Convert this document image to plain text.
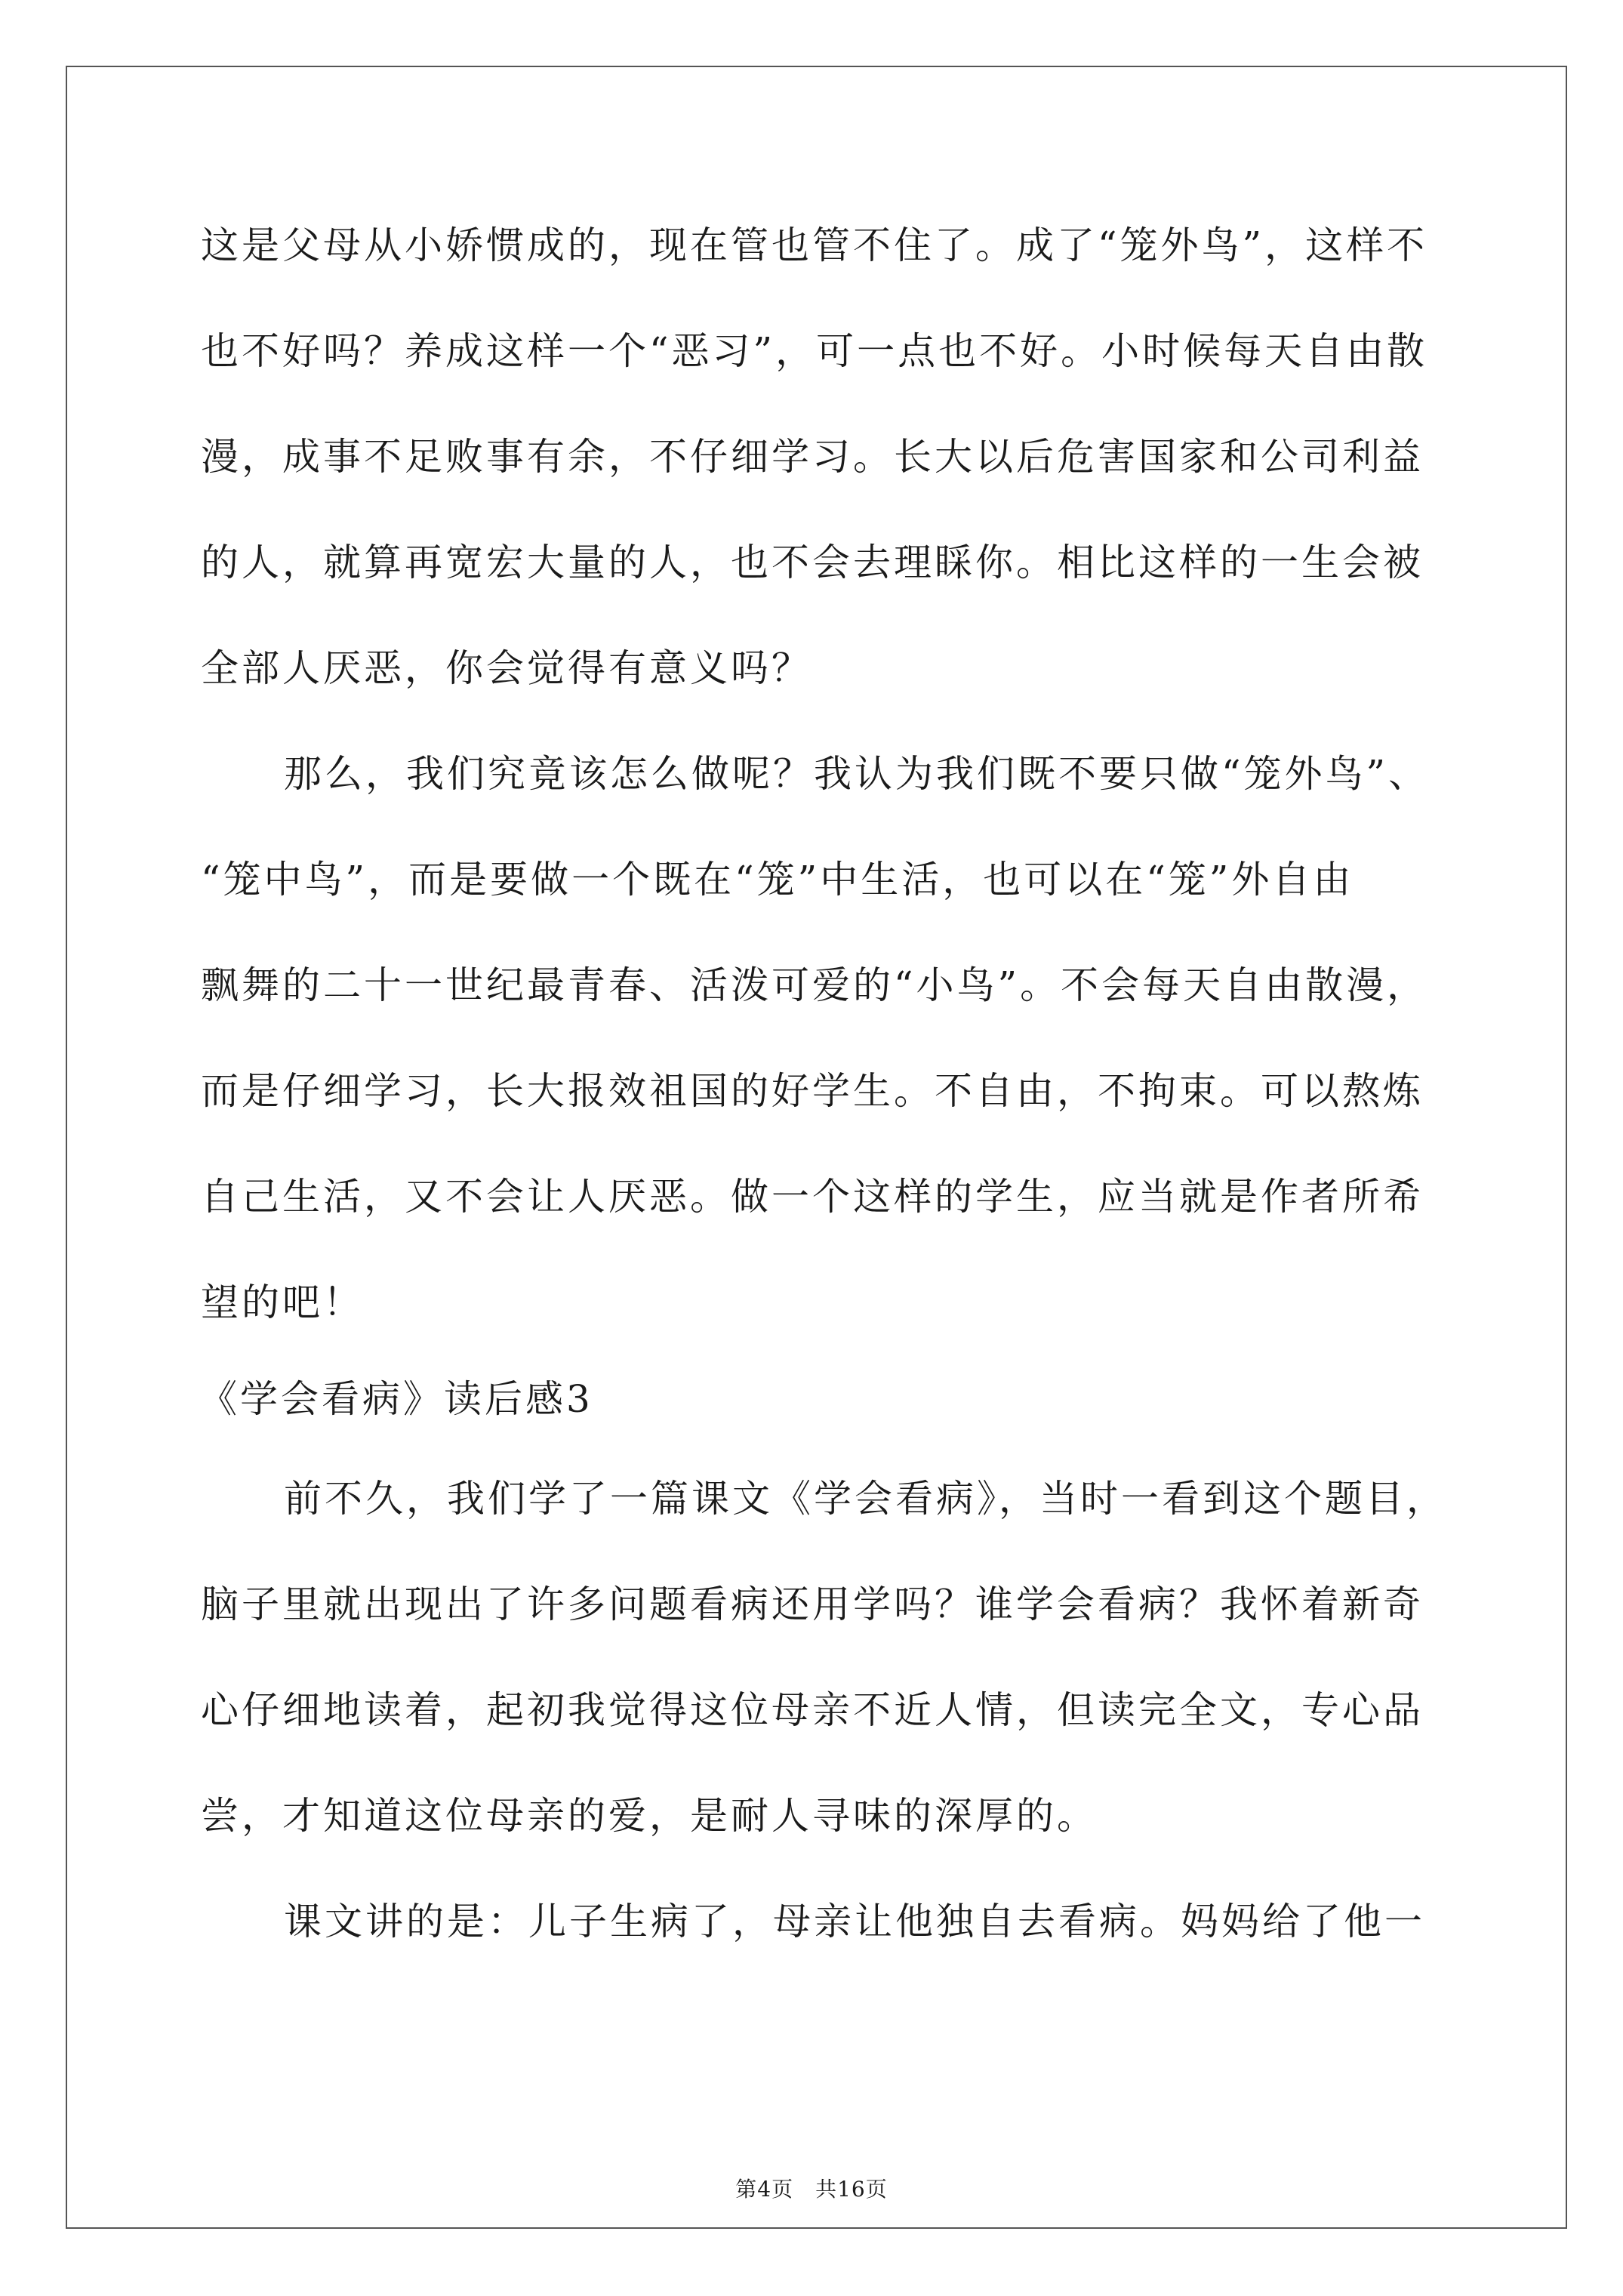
这是父母从小娇惯成的，现在管也管不住了。成了“笼外鸟”，这样不
也不好吗？养成这样一个“恶习”，可一点也不好。小时候每天自由散
漫，成事不足败事有余，不仔细学习。长大以后危害国家和公司利益
的人，就算再宽宏大量的人，也不会去理睬你。相比这样的一生会被
全部人厌恶，你会觉得有意义吗？
那么，我们究竟该怎么做呢？我认为我们既不要只做“笼外鸟”、
“笼中鸟”，而是要做一个既在“笼”中生活，也可以在“笼”外自由
飘舞的二十一世纪最青春、活泼可爱的“小鸟”。不会每天自由散漫，
而是仔细学习，长大报效祖国的好学生。不自由，不拘束。可以熬炼
自己生活，又不会让人厌恶。做一个这样的学生，应当就是作者所希
望的吧！
《学会看病》读后感3
前不久，我们学了一篇课文《学会看病》，当时一看到这个题目，
脑子里就出现出了许多问题看病还用学吗？谁学会看病？我怀着新奇
心仔细地读着，起初我觉得这位母亲不近人情，但读完全文，专心品
尝，才知道这位母亲的爱，是耐人寻味的深厚的。
课文讲的是：儿子生病了，母亲让他独自去看病。妈妈给了他一
第4页　共16页
